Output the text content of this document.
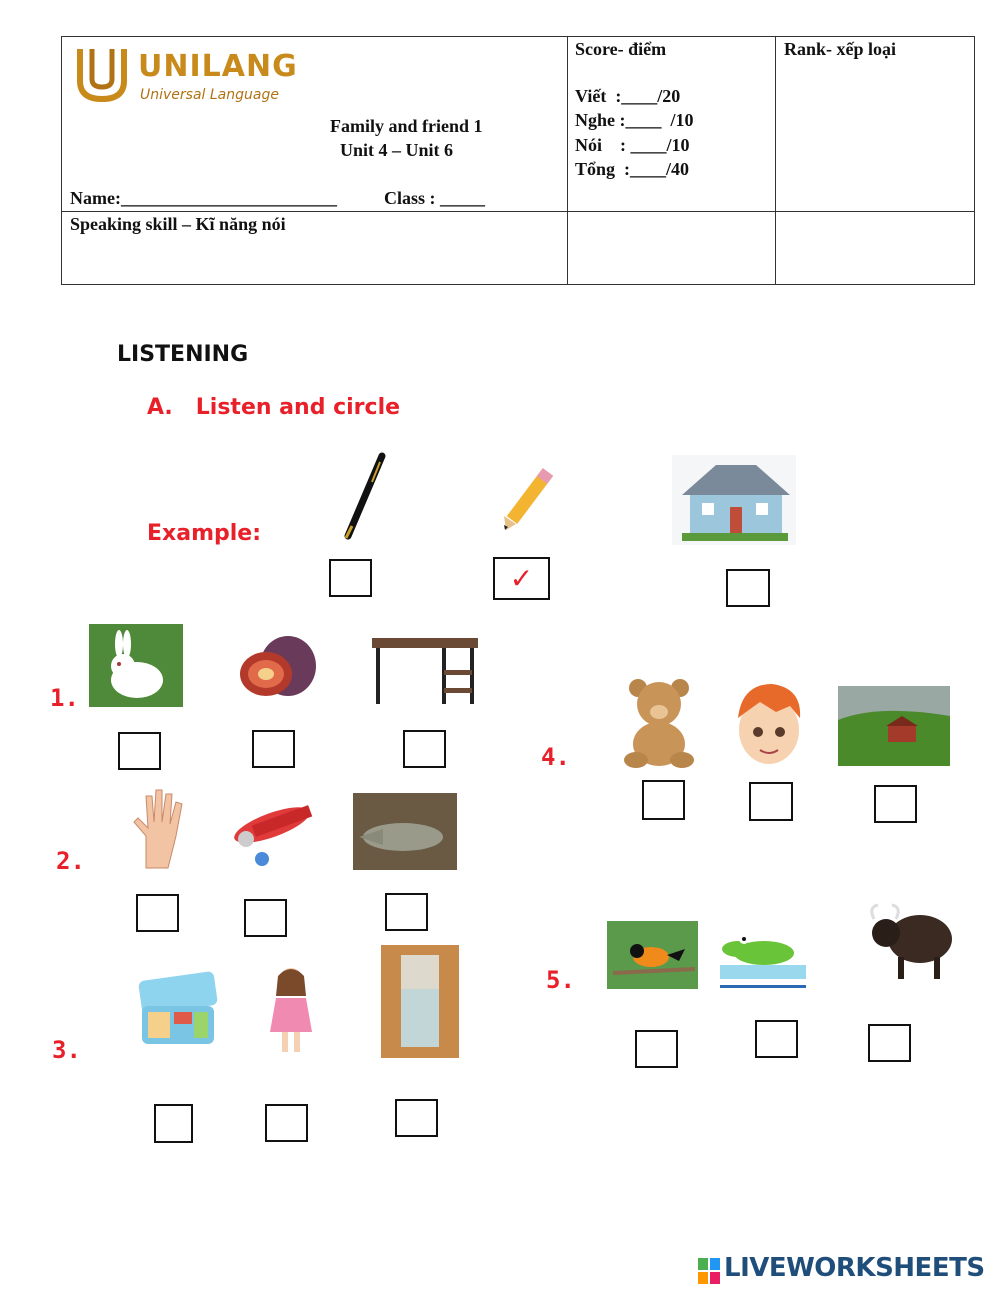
UNILANG
Universal Language
Family and friend 1
Unit 4 – Unit 6
Name:________________________	Class : _____
Score- điểm
Viết  :____/20
Nghe :____  /10
Nói    : ____/10
Tổng  :____/40
Rank- xếp loại
Speaking skill – Kĩ năng nói
LISTENING
A.   Listen and circle
Example:
✓
1.
2.
3.
4.
5.
LIVEWORKSHEETS
